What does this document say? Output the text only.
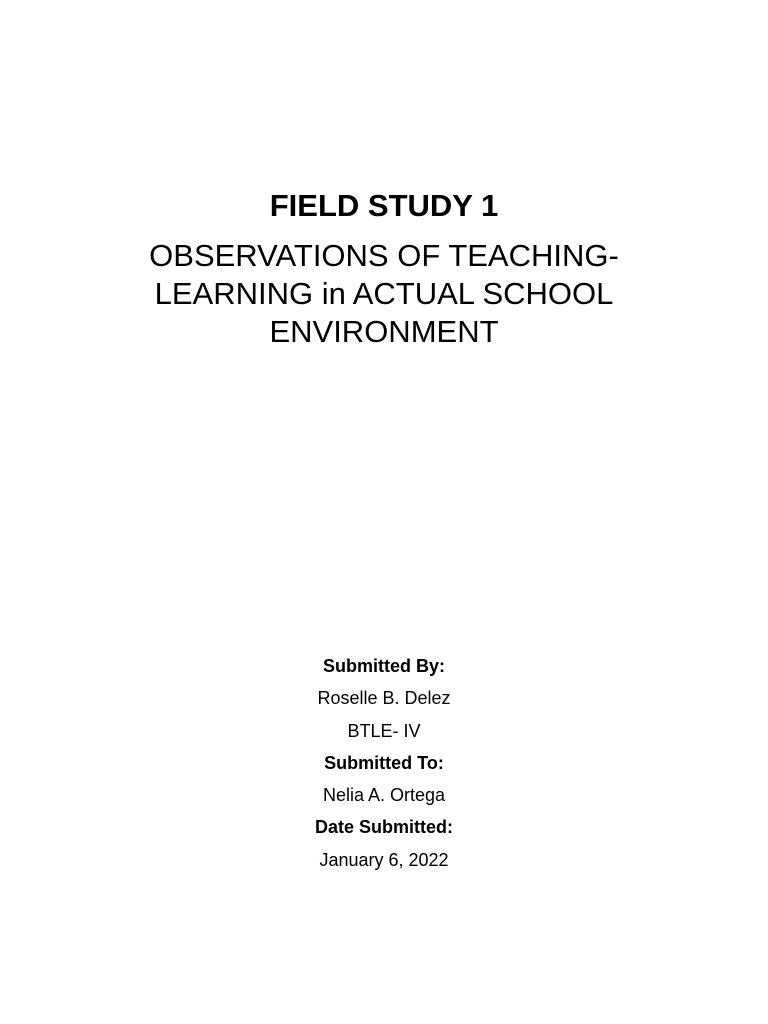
FIELD STUDY 1
OBSERVATIONS OF TEACHING-
LEARNING in ACTUAL SCHOOL
ENVIRONMENT
Submitted By:
Roselle B. Delez
BTLE- IV
Submitted To:
Nelia A. Ortega
Date Submitted:
January 6, 2022
